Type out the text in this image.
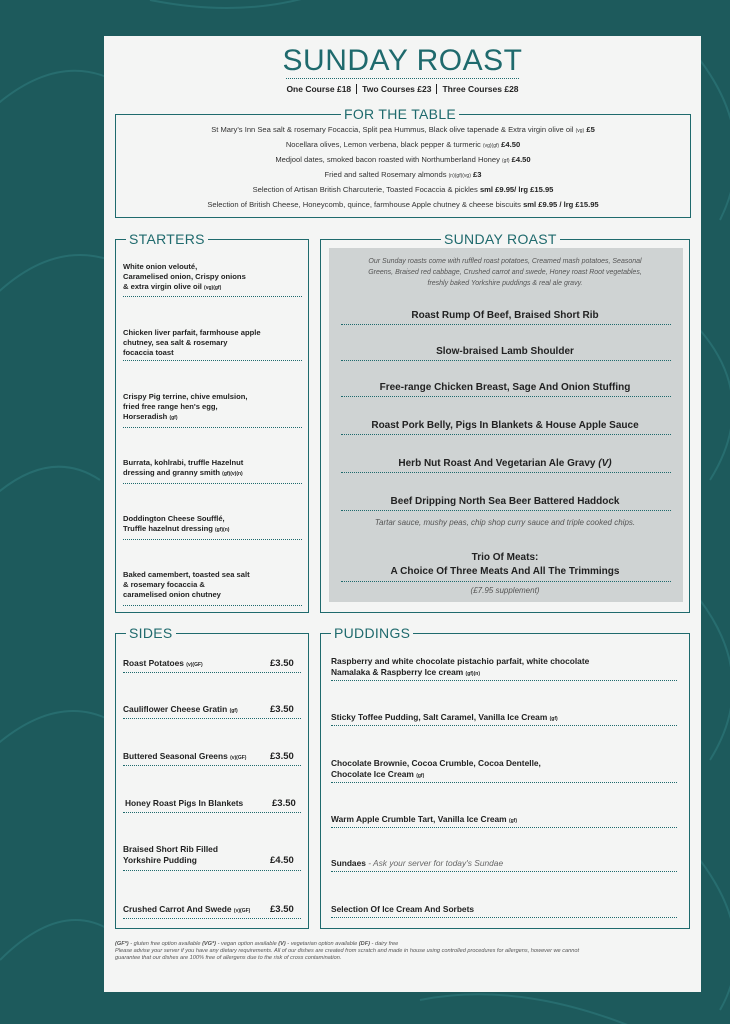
SUNDAY ROAST
One Course £18 Two Courses £23 Three Courses £28
FOR THE TABLE
St Mary's Inn Sea salt & rosemary Focaccia, Split pea Hummus, Black olive tapenade & Extra virgin olive oil (vg) £5
Nocellara olives, Lemon verbena, black pepper & turmeric (vg)(gf) £4.50
Medjool dates, smoked bacon roasted with Northumberland Honey (gf) £4.50
Fried and salted Rosemary almonds (n)(gf)(vg) £3
Selection of Artisan British Charcuterie, Toasted Focaccia & pickles sml £9.95/ lrg £15.95
Selection of British Cheese, Honeycomb, quince, farmhouse Apple chutney & cheese biscuits sml £9.95 / lrg £15.95
STARTERS
White onion velouté,
Caramelised onion, Crispy onions
& extra virgin olive oil (vg)(gf)
Chicken liver parfait, farmhouse apple
chutney, sea salt & rosemary
focaccia toast
Crispy Pig terrine, chive emulsion,
fried free range hen's egg,
Horseradish (gf)
Burrata, kohlrabi, truffle Hazelnut
dressing and granny smith (gf)(v)(n)
Doddington Cheese Soufflé,
Truffle hazelnut dressing (gf)(n)
Baked camembert, toasted sea salt
& rosemary focaccia &
caramelised onion chutney
SUNDAY ROAST
Our Sunday roasts come with ruffled roast potatoes, Creamed mash potatoes, Seasonal
Greens, Braised red cabbage, Crushed carrot and swede, Honey roast Root vegetables,
freshly baked Yorkshire puddings & real ale gravy.
Roast Rump Of Beef, Braised Short Rib
Slow-braised Lamb Shoulder
Free-range Chicken Breast, Sage And Onion Stuffing
Roast Pork Belly, Pigs In Blankets & House Apple Sauce
Herb Nut Roast And Vegetarian Ale Gravy (V)
Beef Dripping North Sea Beer Battered Haddock
Tartar sauce, mushy peas, chip shop curry sauce and triple cooked chips.
Trio Of Meats:
A Choice Of Three Meats And All The Trimmings
(£7.95 supplement)
SIDES
Roast Potatoes (v)(GF)	£3.50
Cauliflower Cheese Gratin (gf)	£3.50
Buttered Seasonal Greens (v)(GF) £3.50
Honey Roast Pigs In Blankets	£3.50
Braised Short Rib Filled
Yorkshire Pudding	£4.50
Crushed Carrot And Swede (v)(GF) £3.50
PUDDINGS
Raspberry and white chocolate pistachio parfait, white chocolate
Namalaka & Raspberry Ice cream (gf)(n)
Sticky Toffee Pudding, Salt Caramel, Vanilla Ice Cream (gf)
Chocolate Brownie, Cocoa Crumble, Cocoa Dentelle,
Chocolate Ice Cream (gf)
Warm Apple Crumble Tart, Vanilla Ice Cream (gf)
Sundaes - Ask your server for today's Sundae
Selection Of Ice Cream And Sorbets
(GF*) - gluten free option available (VG*) - vegan option available (V) - vegetarian option available (DF) - dairy free
Please advise your server if you have any dietary requirements. All of our dishes are created from scratch and made in house using controlled procedures for allergens, however we cannot
guarantee that our dishes are 100% free of allergens due to the risk of cross contamination.
